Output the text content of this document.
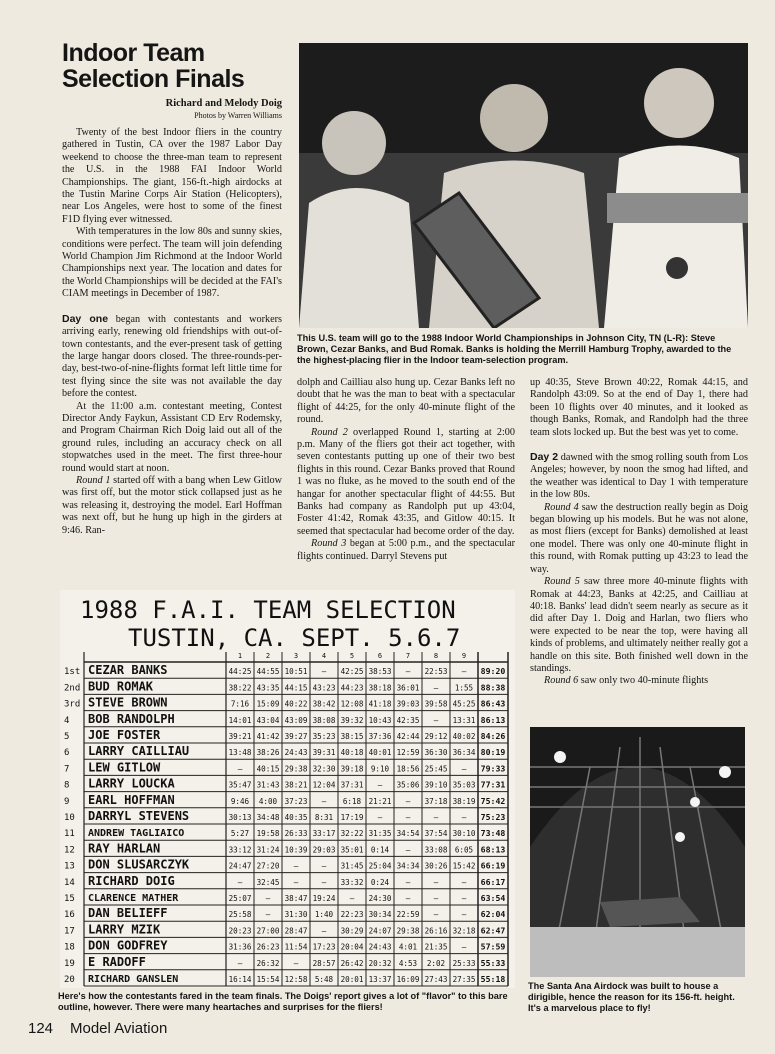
Indoor Team Selection Finals
Richard and Melody Doig
Photos by Warren Williams

Twenty of the best Indoor fliers in the country gathered in Tustin, CA over the 1987 Labor Day weekend to choose the three-man team to represent the U.S. in the 1988 FAI Indoor World Championships. The giant, 156-ft.-high airdocks at the Tustin Marine Corps Air Station (Helicopters), near Los Angeles, were host to some of the finest F1D flying ever witnessed.

With temperatures in the low 80s and sunny skies, conditions were perfect. The team will join defending World Champion Jim Richmond at the Indoor World Championships next year. The location and dates for the World Championships will be decided at the FAI's CIAM meetings in December of 1987.

Day one began with contestants and workers arriving early, renewing old friendships with out-of-town contestants, and the ever-present task of getting the large hangar doors closed. The three-rounds-per-day, best-two-of-nine-flights format left little time for test flying since the site was not available the day before the contest.

At the 11:00 a.m. contestant meeting, Contest Director Andy Faykun, Assistant CD Erv Rodemsky, and Program Chairman Rich Doig laid out all of the ground rules, including an accuracy check on all stopwatches used in the meet. The first three-hour round would start at noon.

Round 1 started off with a bang when Lew Gitlow was first off, but the motor stick collapsed just as he was releasing it, destroying the model. Earl Hoffman was next off, but he hung up high in the girders at 9:46. Ran-

This U.S. team will go to the 1988 Indoor World Championships in Johnson City, TN (L-R): Steve Brown, Cezar Banks, and Bud Romak. Banks is holding the Merrill Hamburg Trophy, awarded to the the highest-placing flier in the Indoor team-selection program.

dolph and Cailliau also hung up. Cezar Banks left no doubt that he was the man to beat with a spectacular flight of 44:25, for the only 40-minute flight of the round.

Round 2 overlapped Round 1, starting at 2:00 p.m. Many of the fliers got their act together, with seven contestants putting up one of their two best flights in this round. Cezar Banks proved that Round 1 was no fluke, as he moved to the south end of the hangar for another spectacular flight of 44:55. But Banks had company as Randolph put up 43:04, Foster 41:42, Romak 43:35, and Gitlow 40:15. It seemed that spectacular had become order of the day.

Round 3 began at 5:00 p.m., and the spectacular flights continued. Darryl Stevens put

up 40:35, Steve Brown 40:22, Romak 44:15, and Randolph 43:09. So at the end of Day 1, there had been 10 flights over 40 minutes, and it looked as though Banks, Romak, and Randolph had the three team slots locked up. But the best was yet to come.

Day 2 dawned with the smog rolling south from Los Angeles; however, by noon the smog had lifted, and the weather was identical to Day 1 with temperature in the low 80s.

Round 4 saw the destruction really begin as Doig began blowing up his models. But he was not alone, as most fliers (except for Banks) demolished at least one model. There was only one 40-minute flight in this round, with Romak putting up 43:23 to lead the way.

Round 5 saw three more 40-minute flights with Romak at 44:23, Banks at 42:25, and Cailliau at 40:18. Banks' lead didn't seem nearly as secure as it did after Day 1. Doig and Harlan, two fliers who were expected to be near the top, were having all kinds of problems, and ultimately neither really got a handle on this site. Both finished well down in the standings.

Round 6 saw only two 40-minute flights

The Santa Ana Airdock was built to house a dirigible, hence the reason for its 156-ft. height. It's a marvelous place to fly!
1988 F.A.I. TEAM SELECTION
TUSTIN, CA. SEPT. 5.6.7
1	2	3	4	5	6	7	8	9
1st CEZAR BANKS	44:25 44:55 10:51 — 42:25 38:53 — 22:53 — 89:20
2nd BUD ROMAK	38:22 43:35 44:15 43:23 44:23 38:18 36:01 — 1:55 88:38
3rd STEVE BROWN	7:16 15:09 40:22 38:42 12:08 41:18 39:03 39:58 45:25 86:43
4 BOB RANDOLPH	14:01 43:04 43:09 38:08 39:32 10:43 42:35 — 13:31 86:13
5 JOE FOSTER	39:21 41:42 39:27 35:23 38:15 37:36 42:44 29:12 40:02 84:26
6 LARRY CAILLIAU	13:48 38:26 24:43 39:31 40:18 40:01 12:59 36:30 36:34 80:19
7 LEW GITLOW	— 40:15 29:38 32:30 39:18 9:10 18:56 25:45 — 79:33
8 LARRY LOUCKA	35:47 31:43 38:21 12:04 37:31 — 35:06 39:10 35:03 77:31
9 EARL HOFFMAN	9:46 4:00 37:23 — 6:18 21:21 — 37:18 38:19 75:42
10 DARRYL STEVENS	30:13 34:48 40:35 8:31 17:19 —	—	—	— 75:23
11 ANDREW TAGLIAICO	5:27 19:58 26:33 33:17 32:22 31:35 34:54 37:54 30:10 73:48
12 RAY HARLAN	33:12 31:24 10:39 29:03 35:01 0:14 — 33:08 6:05 68:13
13 DON SLUSARCZYK	24:47 27:20 —	— 31:45 25:04 34:34 30:26 15:42 66:19
14 RICHARD DOIG	— 32:45 —	— 33:32 0:24 —	—	— 66:17
15 CLARENCE MATHER	25:07 — 38:47 19:24 — 24:30 —	—	— 63:54
16 DAN BELIEFF	25:58 — 31:30 1:40 22:23 30:34 22:59 —	— 62:04
17 LARRY MZIK	20:23 27:00 28:47 — 30:29 24:07 29:38 26:16 32:18 62:47
18 DON GODFREY	31:36 26:23 11:54 17:23 20:04 24:43 4:01 21:35 — 57:59
19 E RADOFF	— 26:32 — 28:57 26:42 20:32 4:53 2:02 25:33 55:33
20 RICHARD GANSLEN	16:14 15:54 12:58 5:48 20:01 13:37 16:09 27:43 27:35 55:18
Here's how the contestants fared in the team finals. The Doigs' report gives a lot of "flavor" to this bare outline, however. There were many heartaches and surprises for the fliers!
124 Model Aviation
